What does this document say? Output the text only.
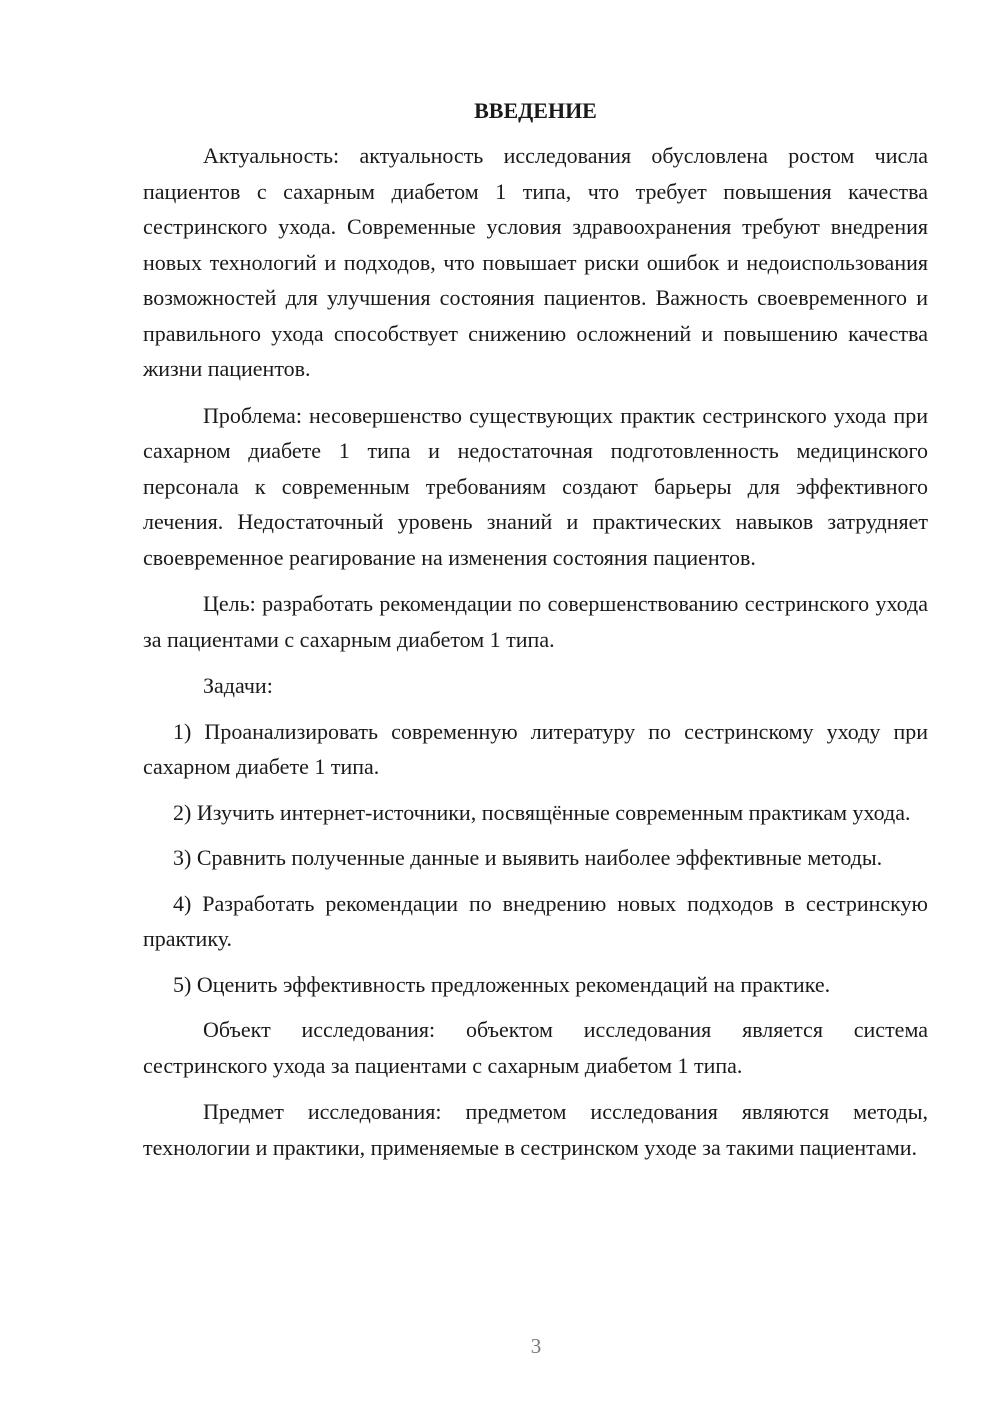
ВВЕДЕНИЕ

Актуальность: актуальность исследования обусловлена ростом числа пациентов с сахарным диабетом 1 типа, что требует повышения качества сестринского ухода. Современные условия здравоохранения требуют внедрения новых технологий и подходов, что повышает риски ошибок и недоиспользования возможностей для улучшения состояния пациентов. Важность своевременного и правильного ухода способствует снижению осложнений и повышению качества жизни пациентов.

Проблема: несовершенство существующих практик сестринского ухода при сахарном диабете 1 типа и недостаточная подготовленность медицинского персонала к современным требованиям создают барьеры для эффективного лечения. Недостаточный уровень знаний и практических навыков затрудняет своевременное реагирование на изменения состояния пациентов.

Цель: разработать рекомендации по совершенствованию сестринского ухода за пациентами с сахарным диабетом 1 типа.

Задачи:

1) Проанализировать современную литературу по сестринскому уходу при сахарном диабете 1 типа.

2) Изучить интернет-источники, посвящённые современным практикам ухода.

3) Сравнить полученные данные и выявить наиболее эффективные методы.

4) Разработать рекомендации по внедрению новых подходов в сестринскую практику.

5) Оценить эффективность предложенных рекомендаций на практике.

Объект исследования: объектом исследования является система сестринского ухода за пациентами с сахарным диабетом 1 типа.

Предмет исследования: предметом исследования являются методы, технологии и практики, применяемые в сестринском уходе за такими пациентами.

3
